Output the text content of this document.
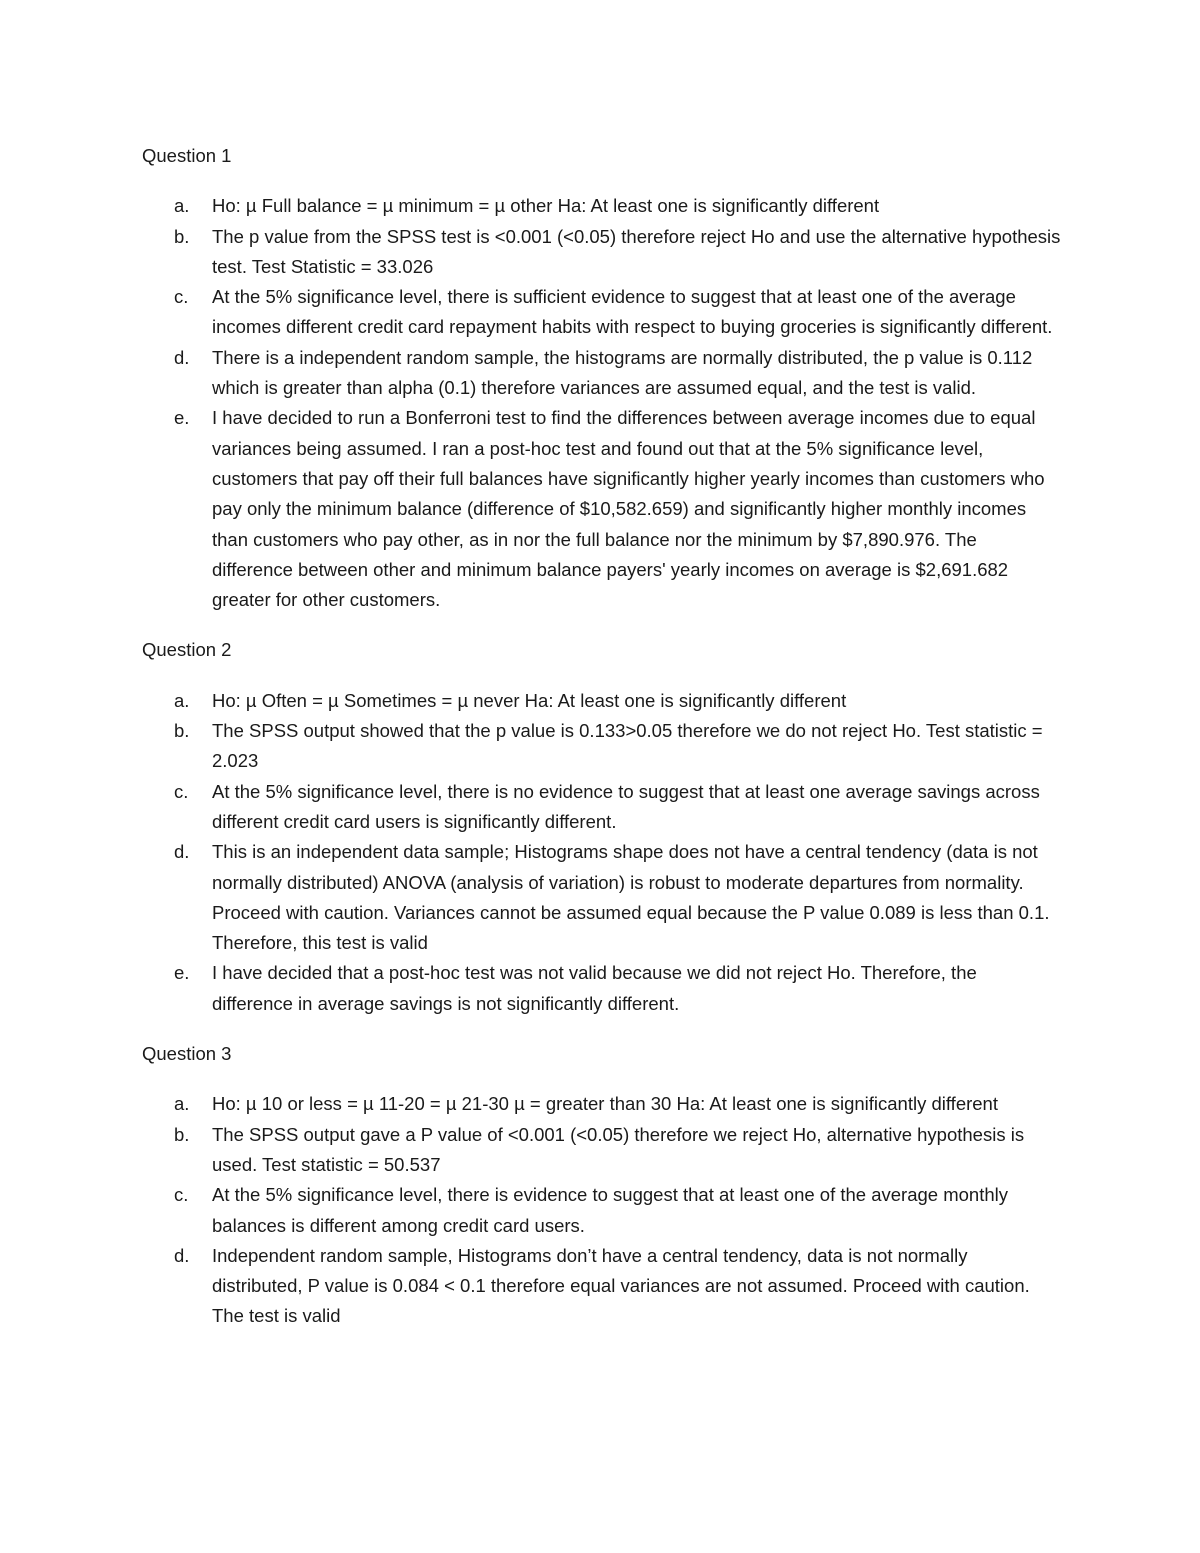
Question 1
a. Ho: µ Full balance = µ minimum = µ other Ha: At least one is significantly different
b. The p value from the SPSS test is <0.001 (<0.05) therefore reject Ho and use the alternative hypothesis test. Test Statistic = 33.026
c. At the 5% significance level, there is sufficient evidence to suggest that at least one of the average incomes different credit card repayment habits with respect to buying groceries is significantly different.
d. There is a independent random sample, the histograms are normally distributed, the p value is 0.112 which is greater than alpha (0.1) therefore variances are assumed equal, and the test is valid.
e. I have decided to run a Bonferroni test to find the differences between average incomes due to equal variances being assumed. I ran a post-hoc test and found out that at the 5% significance level, customers that pay off their full balances have significantly higher yearly incomes than customers who pay only the minimum balance (difference of $10,582.659) and significantly higher monthly incomes than customers who pay other, as in nor the full balance nor the minimum by $7,890.976. The difference between other and minimum balance payers' yearly incomes on average is $2,691.682 greater for other customers.
Question 2
a. Ho: µ Often = µ Sometimes = µ never Ha: At least one is significantly different
b. The SPSS output showed that the p value is 0.133>0.05 therefore we do not reject Ho. Test statistic = 2.023
c. At the 5% significance level, there is no evidence to suggest that at least one average savings across different credit card users is significantly different.
d. This is an independent data sample; Histograms shape does not have a central tendency (data is not normally distributed) ANOVA (analysis of variation) is robust to moderate departures from normality. Proceed with caution. Variances cannot be assumed equal because the P value 0.089 is less than 0.1. Therefore, this test is valid
e. I have decided that a post-hoc test was not valid because we did not reject Ho. Therefore, the difference in average savings is not significantly different.
Question 3
a. Ho: µ 10 or less = µ 11-20 = µ 21-30 µ = greater than 30 Ha: At least one is significantly different
b. The SPSS output gave a P value of <0.001 (<0.05) therefore we reject Ho, alternative hypothesis is used. Test statistic = 50.537
c. At the 5% significance level, there is evidence to suggest that at least one of the average monthly balances is different among credit card users.
d. Independent random sample, Histograms don’t have a central tendency, data is not normally distributed, P value is 0.084 < 0.1 therefore equal variances are not assumed. Proceed with caution. The test is valid
